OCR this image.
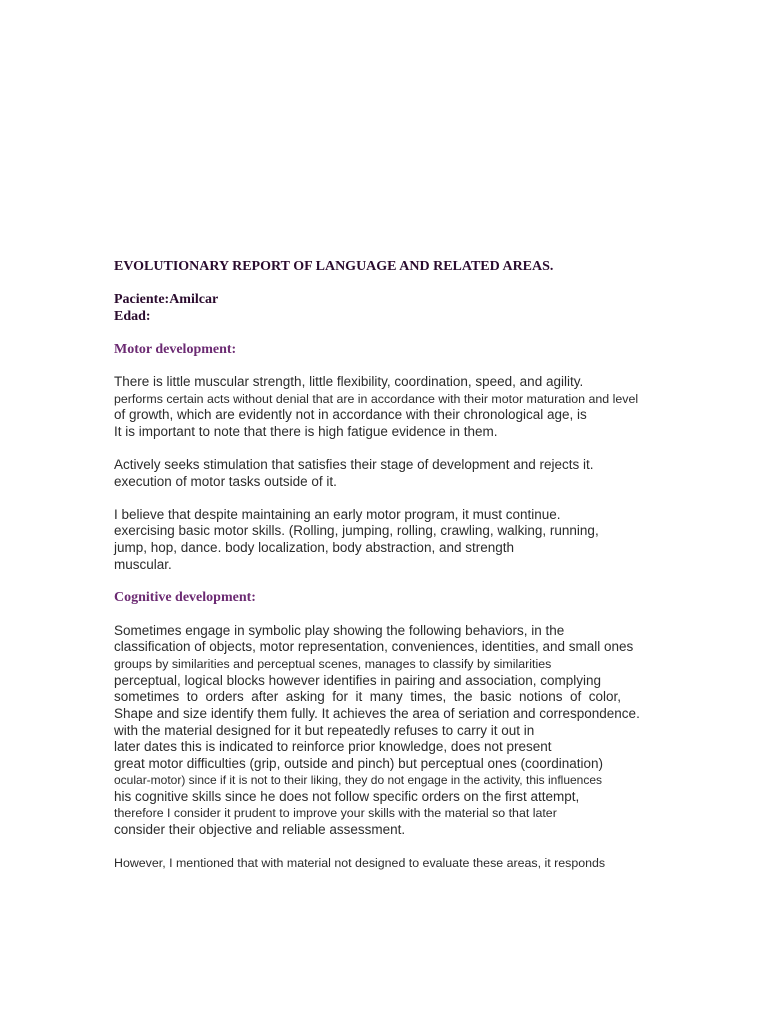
EVOLUTIONARY REPORT OF LANGUAGE AND RELATED AREAS.

Paciente:Amilcar

Edad:

Motor development:

There is little muscular strength, little flexibility, coordination, speed, and agility.

performs certain acts without denial that are in accordance with their motor maturation and level

of growth, which are evidently not in accordance with their chronological age, is

It is important to note that there is high fatigue evidence in them.

Actively seeks stimulation that satisfies their stage of development and rejects it.

execution of motor tasks outside of it.

I believe that despite maintaining an early motor program, it must continue.

exercising basic motor skills. (Rolling, jumping, rolling, crawling, walking, running,

jump, hop, dance. body localization, body abstraction, and strength

muscular.

Cognitive development:

Sometimes engage in symbolic play showing the following behaviors, in the

classification of objects, motor representation, conveniences, identities, and small ones

groups by similarities and perceptual scenes, manages to classify by similarities

perceptual, logical blocks however identifies in pairing and association, complying

sometimes to orders after asking for it many times, the basic notions of color,

Shape and size identify them fully. It achieves the area of seriation and correspondence.

with the material designed for it but repeatedly refuses to carry it out in

later dates this is indicated to reinforce prior knowledge, does not present

great motor difficulties (grip, outside and pinch) but perceptual ones (coordination)

ocular-motor) since if it is not to their liking, they do not engage in the activity, this influences

his cognitive skills since he does not follow specific orders on the first attempt,

therefore I consider it prudent to improve your skills with the material so that later

consider their objective and reliable assessment.

However, I mentioned that with material not designed to evaluate these areas, it responds
